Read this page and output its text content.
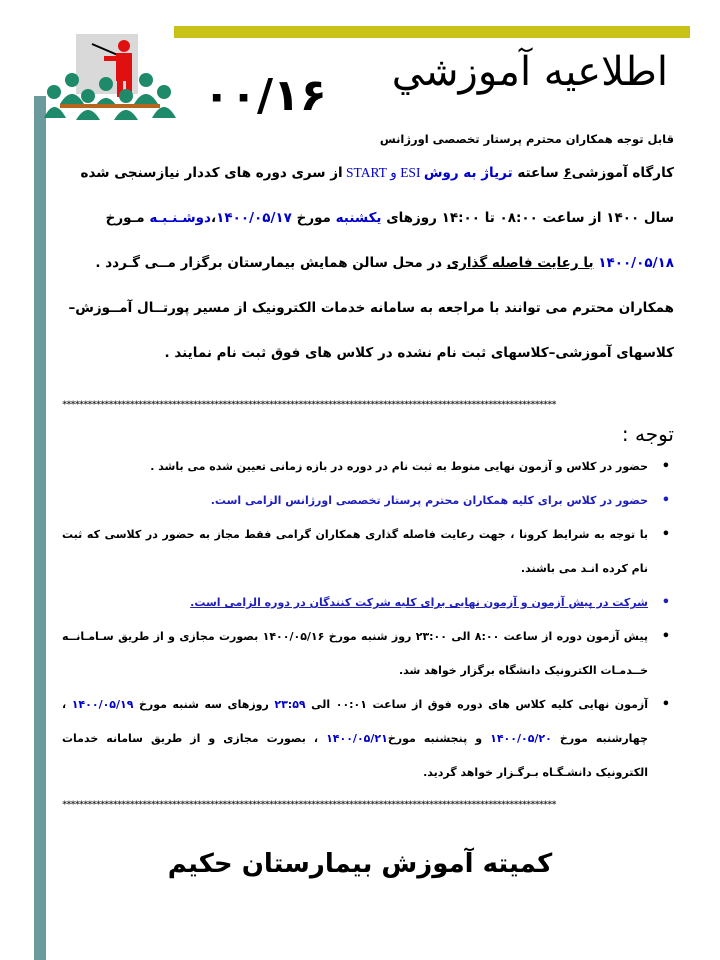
۰۰/۱۶	اطلاعیه آموزشي

قابل توجه همکاران محترم پرستار تخصصی اورژانس

کارگاه آموزشی۶ ساعته ترياژ به روش ESI و START از سری دوره های کددار نیازسنجی شده

سال ۱۴۰۰ از ساعت ۰۸:۰۰ تا ۱۴:۰۰ روزهای یکشنبه مورخ ۱۴۰۰/۰۵/۱۷،دوشـنـبـه مـورخ

۱۴۰۰/۰۵/۱۸ با رعایت فاصله گذاری در محل سالن همایش بیمارستان برگزار مــی گـردد .

همکاران محترم می توانند با مراجعه به سامانه خدمات الکترونیک از مسیر پورتــال آمــوزش–

کلاسهای آموزشی–کلاسهای ثبت نام نشده در کلاس های فوق ثبت نام نمایند .

*********************************************************************************************************************
توجه :
• حضور در کلاس و آزمون نهایی منوط به ثبت نام در دوره در بازه زمانی تعیین شده می باشد .
• حضور در کلاس برای کلیه همکاران محترم پرستار تخصصی اورژانس الزامی است.
• با توجه به شرایط کرونا ، جهت رعایت فاصله گذاری همکاران گرامی فقط مجاز به حضور در کلاسی که ثبت نام کرده انـد می باشند.
• شرکت در پیش آزمون و آزمون نهایی برای کلیه شرکت کنندگان در دوره الزامی است.
• پیش آزمون دوره از ساعت ۸:۰۰ الی ۲۳:۰۰ روز شنبه مورخ ۱۴۰۰/۰۵/۱۶ بصورت مجازی و از طریق سـامـانــه خــدمـات الکترونیک دانشگاه برگزار خواهد شد.
• آزمون نهایی کلیه کلاس های دوره فوق از ساعت ۰۰:۰۱ الی ۲۳:۵۹ روزهای سه شنبه مورخ ۱۴۰۰/۰۵/۱۹ ، چهارشنبه مورخ ۱۴۰۰/۰۵/۲۰ و پنجشنبه مورخ۱۴۰۰/۰۵/۲۱ ، بصورت مجازی و از طریق سامانه خدمات الکترونیک دانشـگـاه بـرگـزار خواهد گردید.
*********************************************************************************************************************
کمیته آموزش بیمارستان حکیم
